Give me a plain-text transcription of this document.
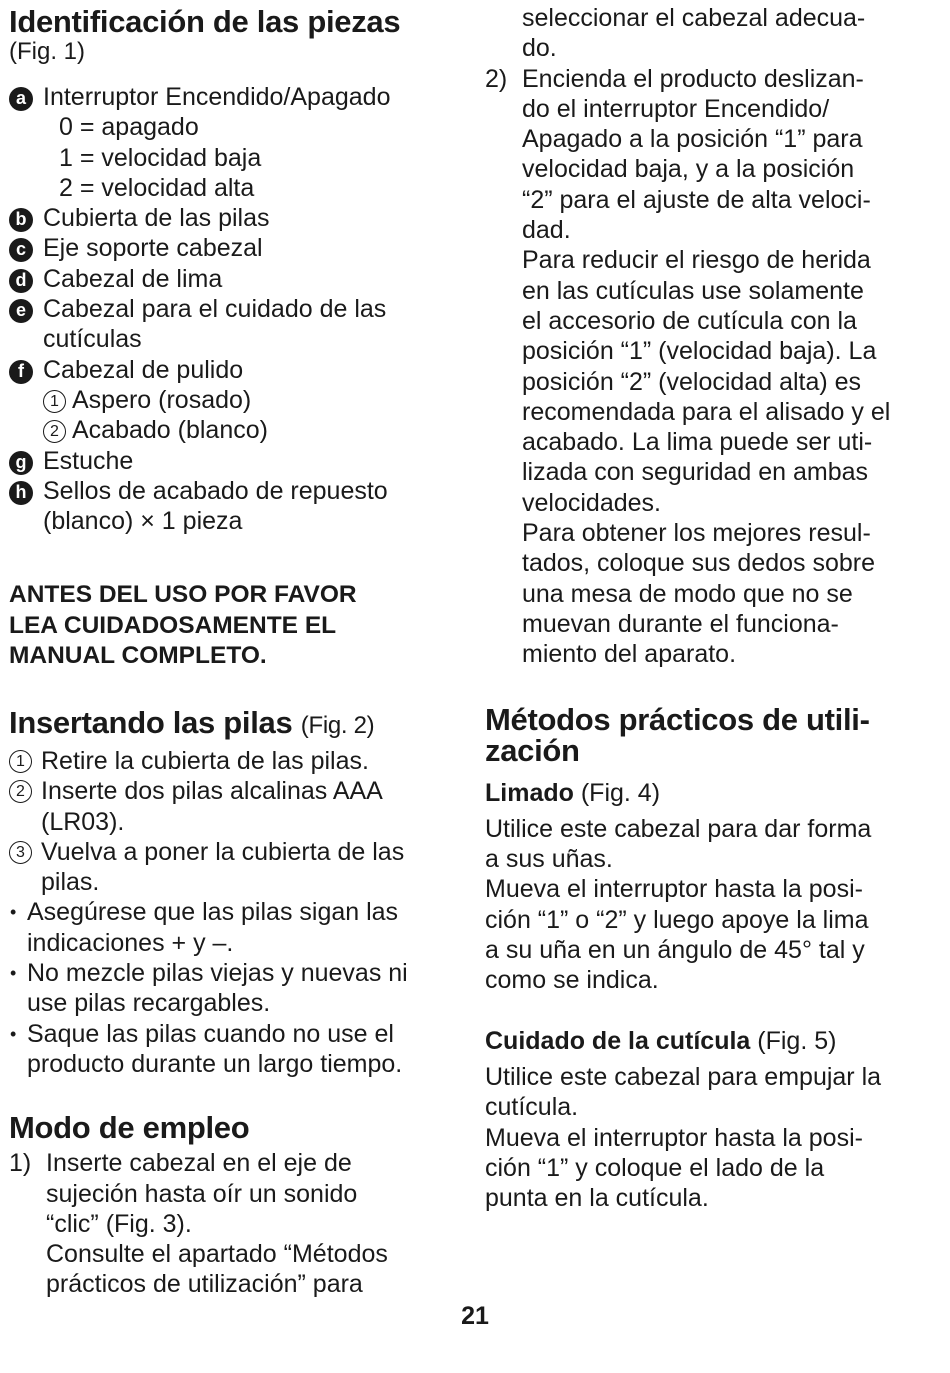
Identificación de las piezas
(Fig. 1)
a Interruptor Encendido/Apagado
0 = apagado
1 = velocidad baja
2 = velocidad alta
b Cubierta de las pilas
c Eje soporte cabezal
d Cabezal de lima
e Cabezal para el cuidado de las
cutículas
f Cabezal de pulido
1 Aspero (rosado)
2 Acabado (blanco)
g Estuche
h Sellos de acabado de repuesto
(blanco) × 1 pieza
ANTES DEL USO POR FAVOR
LEA CUIDADOSAMENTE EL
MANUAL COMPLETO.
Insertando las pilas (Fig. 2)
1 Retire la cubierta de las pilas.
2 Inserte dos pilas alcalinas AAA
(LR03).
3 Vuelva a poner la cubierta de las
pilas.
• Asegúrese que las pilas sigan las
indicaciones + y –.
• No mezcle pilas viejas y nuevas ni
use pilas recargables.
• Saque las pilas cuando no use el
producto durante un largo tiempo.
Modo de empleo
1) Inserte cabezal en el eje de
sujeción hasta oír un sonido
“clic” (Fig. 3).
Consulte el apartado “Métodos
prácticos de utilización” para
seleccionar el cabezal adecua-
do.
2) Encienda el producto deslizan-
do el interruptor Encendido/
Apagado a la posición “1” para
velocidad baja, y a la posición
“2” para el ajuste de alta veloci-
dad.
Para reducir el riesgo de herida
en las cutículas use solamente
el accesorio de cutícula con la
posición “1” (velocidad baja). La
posición “2” (velocidad alta) es
recomendada para el alisado y el
acabado. La lima puede ser uti-
lizada con seguridad en ambas
velocidades.
Para obtener los mejores resul-
tados, coloque sus dedos sobre
una mesa de modo que no se
muevan durante el funciona-
miento del aparato.
Métodos prácticos de utili-
zación
Limado (Fig. 4)
Utilice este cabezal para dar forma
a sus uñas.
Mueva el interruptor hasta la posi-
ción “1” o “2” y luego apoye la lima
a su uña en un ángulo de 45° tal y
como se indica.
Cuidado de la cutícula (Fig. 5)
Utilice este cabezal para empujar la
cutícula.
Mueva el interruptor hasta la posi-
ción “1” y coloque el lado de la
punta en la cutícula.
21
